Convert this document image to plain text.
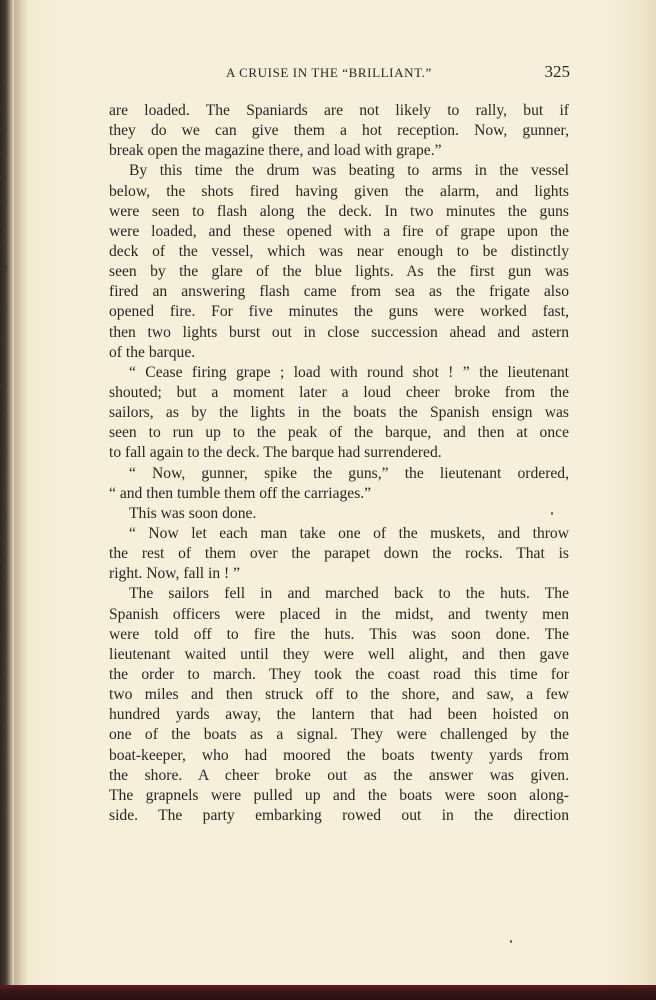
dy
ho
n if
ter-
the
ave
ers
his
wer
nel
ith
the
or-
so-
e a
se,
he
out
try
ms
off
ad
go
s;
ey
le
of
o
at
s
A CRUISE IN THE “BRILLIANT.”	325
are loaded. The Spaniards are not likely to rally, but if
they do we can give them a hot reception. Now, gunner,
break open the magazine there, and load with grape.”
By this time the drum was beating to arms in the vessel
below, the shots fired having given the alarm, and lights
were seen to flash along the deck. In two minutes the guns
were loaded, and these opened with a fire of grape upon the
deck of the vessel, which was near enough to be distinctly
seen by the glare of the blue lights. As the first gun was
fired an answering flash came from sea as the frigate also
opened fire. For five minutes the guns were worked fast,
then two lights burst out in close succession ahead and astern
of the barque.
“ Cease firing grape ; load with round shot ! ” the lieutenant
shouted; but a moment later a loud cheer broke from the
sailors, as by the lights in the boats the Spanish ensign was
seen to run up to the peak of the barque, and then at once
to fall again to the deck. The barque had surrendered.
“ Now, gunner, spike the guns,” the lieutenant ordered,
“ and then tumble them off the carriages.”
This was soon done.
“ Now let each man take one of the muskets, and throw
the rest of them over the parapet down the rocks. That is
right. Now, fall in ! ”
The sailors fell in and marched back to the huts. The
Spanish officers were placed in the midst, and twenty men
were told off to fire the huts. This was soon done. The
lieutenant waited until they were well alight, and then gave
the order to march. They took the coast road this time for
two miles and then struck off to the shore, and saw, a few
hundred yards away, the lantern that had been hoisted on
one of the boats as a signal. They were challenged by the
boat-keeper, who had moored the boats twenty yards from
the shore. A cheer broke out as the answer was given.
The grapnels were pulled up and the boats were soon along-
side. The party embarking rowed out in the direction
